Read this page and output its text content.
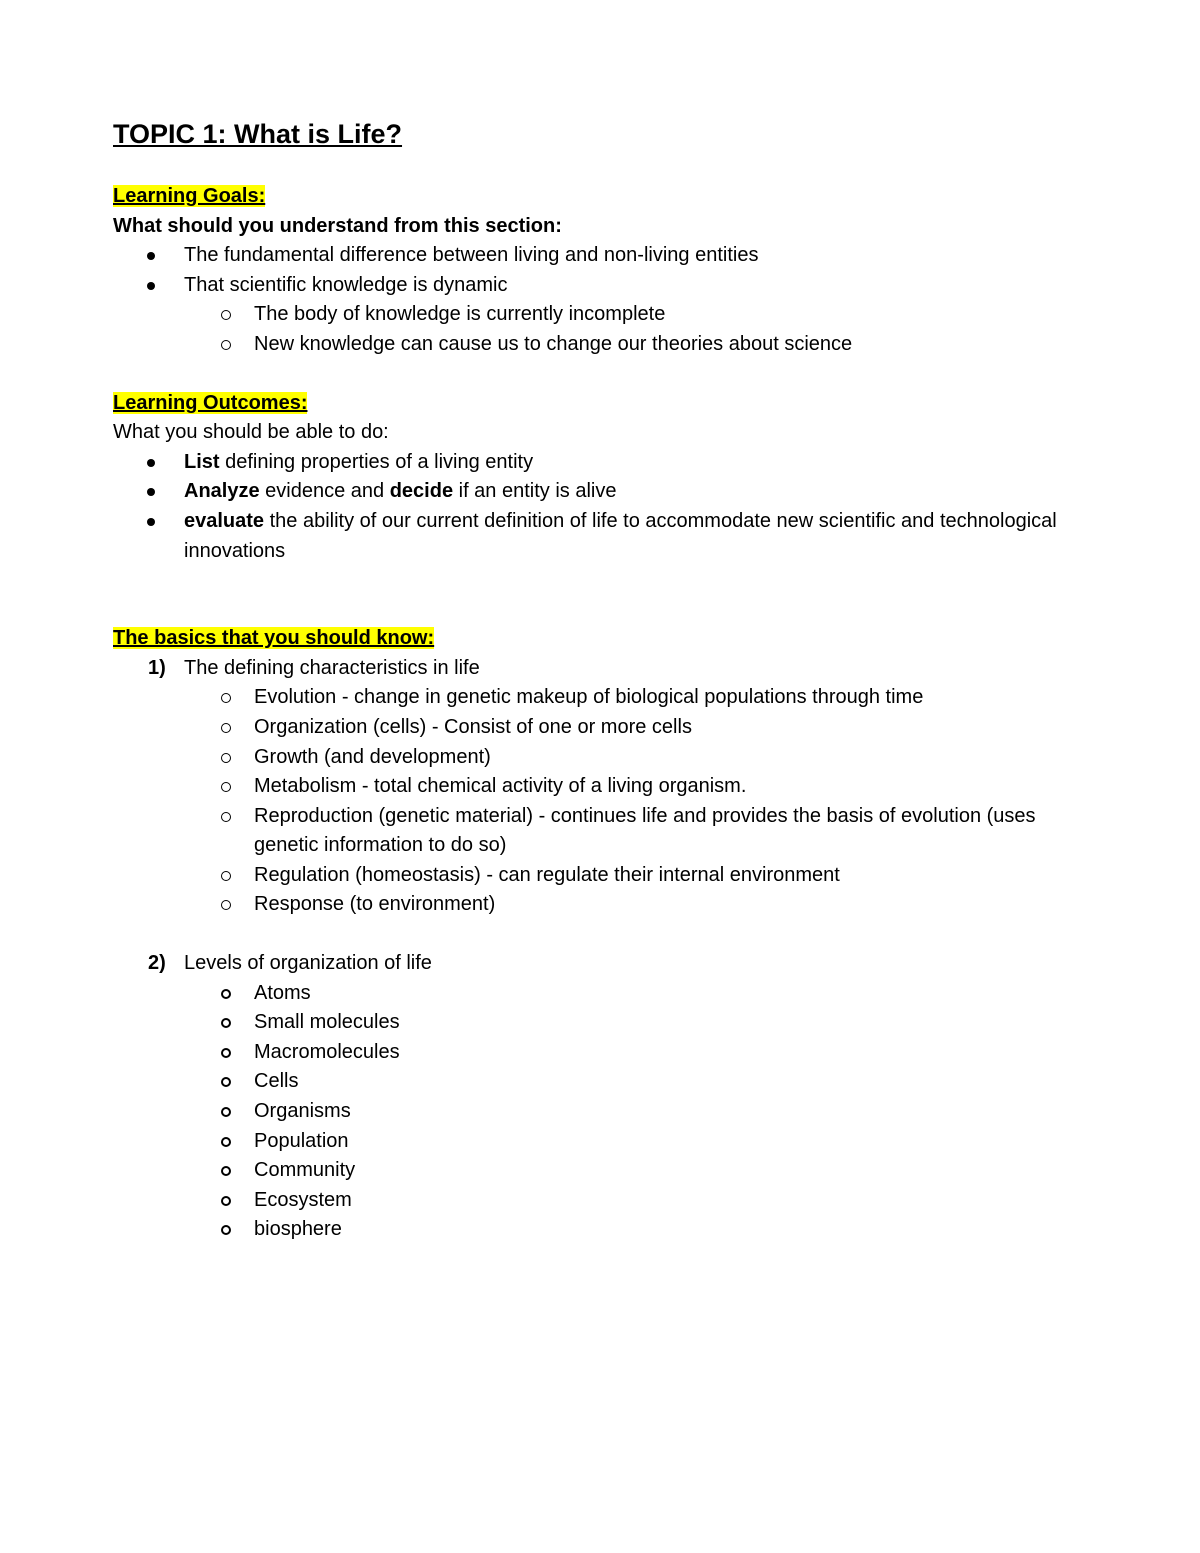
TOPIC 1: What is Life?
Learning Goals:
What should you understand from this section:
The fundamental difference between living and non-living entities
That scientific knowledge is dynamic
The body of knowledge is currently incomplete
New knowledge can cause us to change our theories about science
Learning Outcomes:
What you should be able to do:
List defining properties of a living entity
Analyze evidence and decide if an entity is alive
evaluate the ability of our current definition of life to accommodate new scientific and technological innovations
The basics that you should know:
1) The defining characteristics in life
Evolution - change in genetic makeup of biological populations through time
Organization (cells) - Consist of one or more cells
Growth (and development)
Metabolism - total chemical activity of a living organism.
Reproduction (genetic material) - continues life and provides the basis of evolution (uses genetic information to do so)
Regulation (homeostasis) - can regulate their internal environment
Response (to environment)
2) Levels of organization of life
Atoms
Small molecules
Macromolecules
Cells
Organisms
Population
Community
Ecosystem
biosphere
